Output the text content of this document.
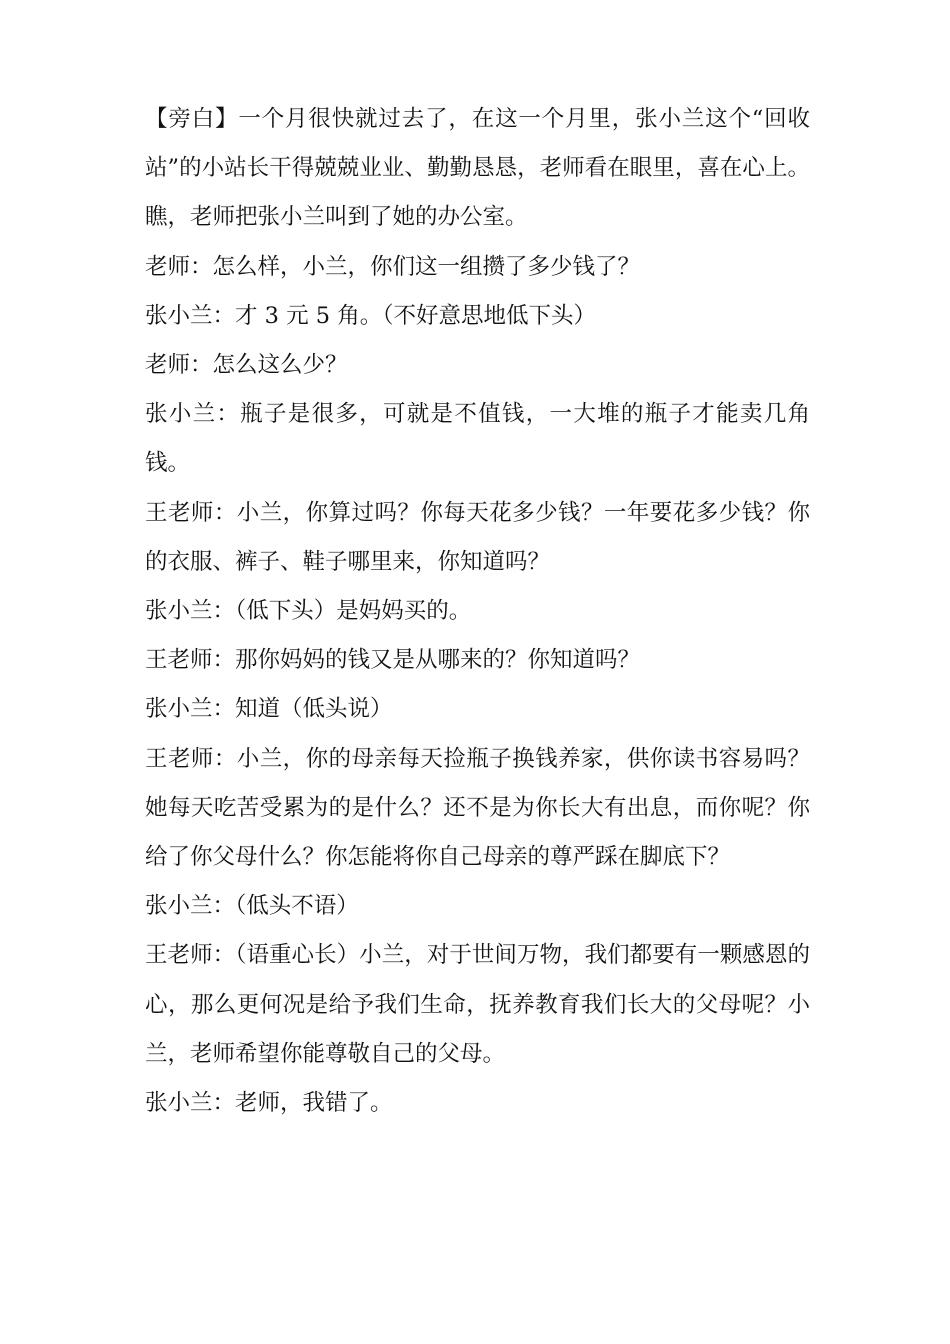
【旁白】一个月很快就过去了，在这一个月里，张小兰这个“回收站”的小站长干得兢兢业业、勤勤恳恳，老师看在眼里，喜在心上。瞧，老师把张小兰叫到了她的办公室。

老师：怎么样，小兰，你们这一组攒了多少钱了？

张小兰：才 3 元 5 角。（不好意思地低下头）

老师：怎么这么少？

张小兰：瓶子是很多，可就是不值钱，一大堆的瓶子才能卖几角钱。

王老师：小兰，你算过吗？你每天花多少钱？一年要花多少钱？你的衣服、裤子、鞋子哪里来，你知道吗？

张小兰：（低下头）是妈妈买的。

王老师：那你妈妈的钱又是从哪来的？你知道吗？

张小兰：知道（低头说）

王老师：小兰，你的母亲每天捡瓶子换钱养家，供你读书容易吗？她每天吃苦受累为的是什么？还不是为你长大有出息，而你呢？你给了你父母什么？你怎能将你自己母亲的尊严踩在脚底下？

张小兰：（低头不语）

王老师：（语重心长）小兰，对于世间万物，我们都要有一颗感恩的心，那么更何况是给予我们生命，抚养教育我们长大的父母呢？小兰，老师希望你能尊敬自己的父母。

张小兰：老师，我错了。
